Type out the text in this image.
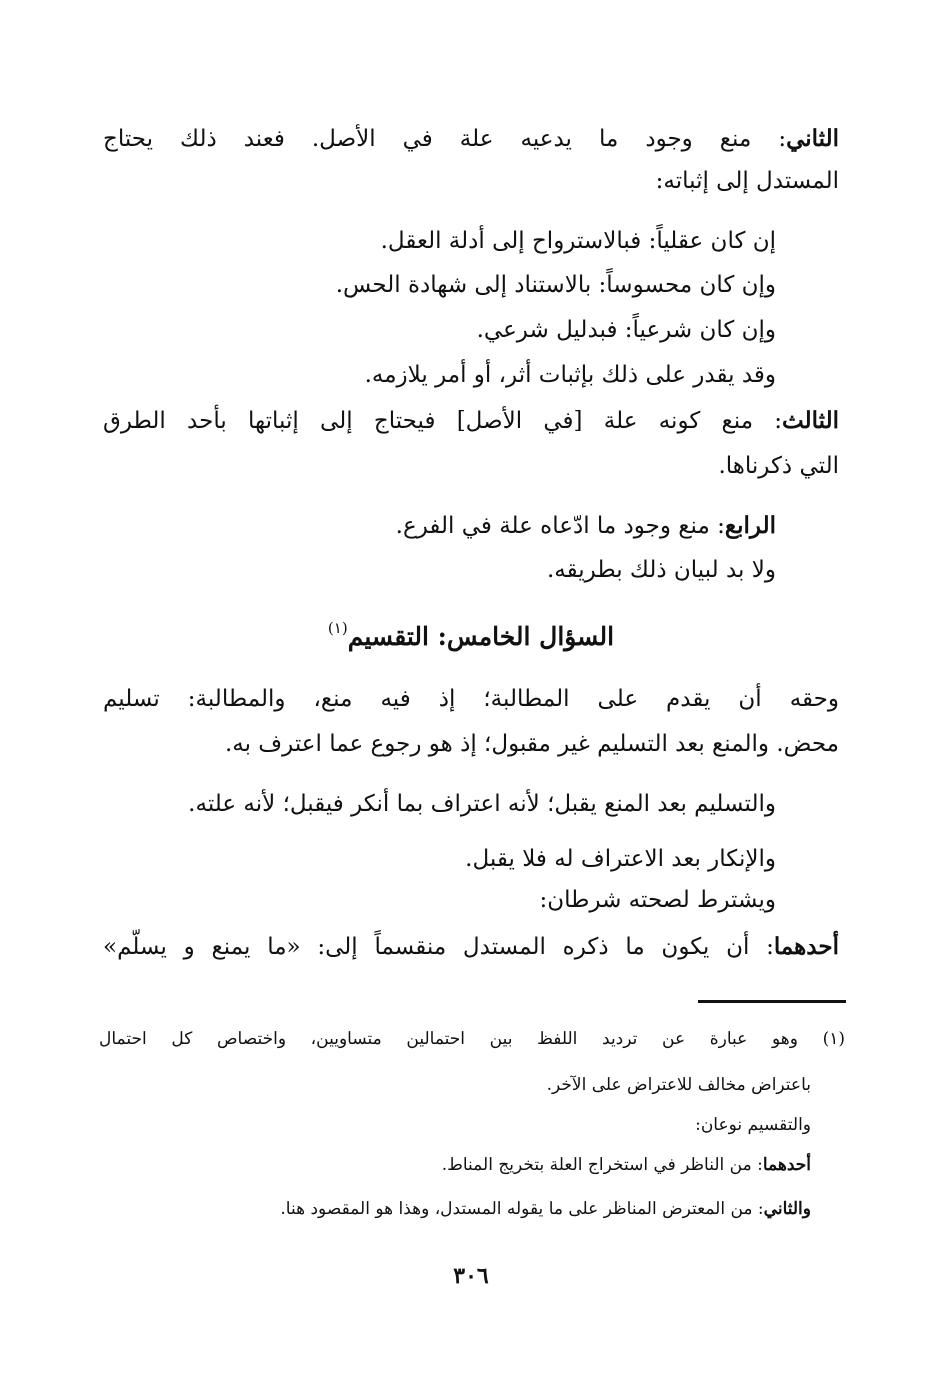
الثاني: منع وجود ما يدعيه علة في الأصل. فعند ذلك يحتاج
المستدل إلى إثباته:
إن كان عقلياً: فبالاسترواح إلى أدلة العقل.
وإن كان محسوساً: بالاستناد إلى شهادة الحس.
وإن كان شرعياً: فبدليل شرعي.
وقد يقدر على ذلك بإثبات أثر، أو أمر يلازمه.
الثالث: منع كونه علة [في الأصل] فيحتاج إلى إثباتها بأحد الطرق
التي ذكرناها.
الرابع: منع وجود ما ادّعاه علة في الفرع.
ولا بد لبيان ذلك بطريقه.
السؤال الخامس: التقسيم$^{(١)}$
وحقه أن يقدم على المطالبة؛ إذ فيه منع، والمطالبة: تسليم
محض. والمنع بعد التسليم غير مقبول؛ إذ هو رجوع عما اعترف به.
والتسليم بعد المنع يقبل؛ لأنه اعتراف بما أنكر فيقبل؛ لأنه علته.
والإنكار بعد الاعتراف له فلا يقبل.
ويشترط لصحته شرطان:
أحدهما: أن يكون ما ذكره المستدل منقسماً إلى: «ما يمنع و يسلّم»
(١) وهو عبارة عن ترديد اللفظ بين احتمالين متساويين، واختصاص كل احتمال
باعتراض مخالف للاعتراض على الآخر.
والتقسيم نوعان:
أحدهما: من الناظر في استخراج العلة بتخريج المناط.
والثاني: من المعترض المناظر على ما يقوله المستدل، وهذا هو المقصود هنا.
٣٠٦
